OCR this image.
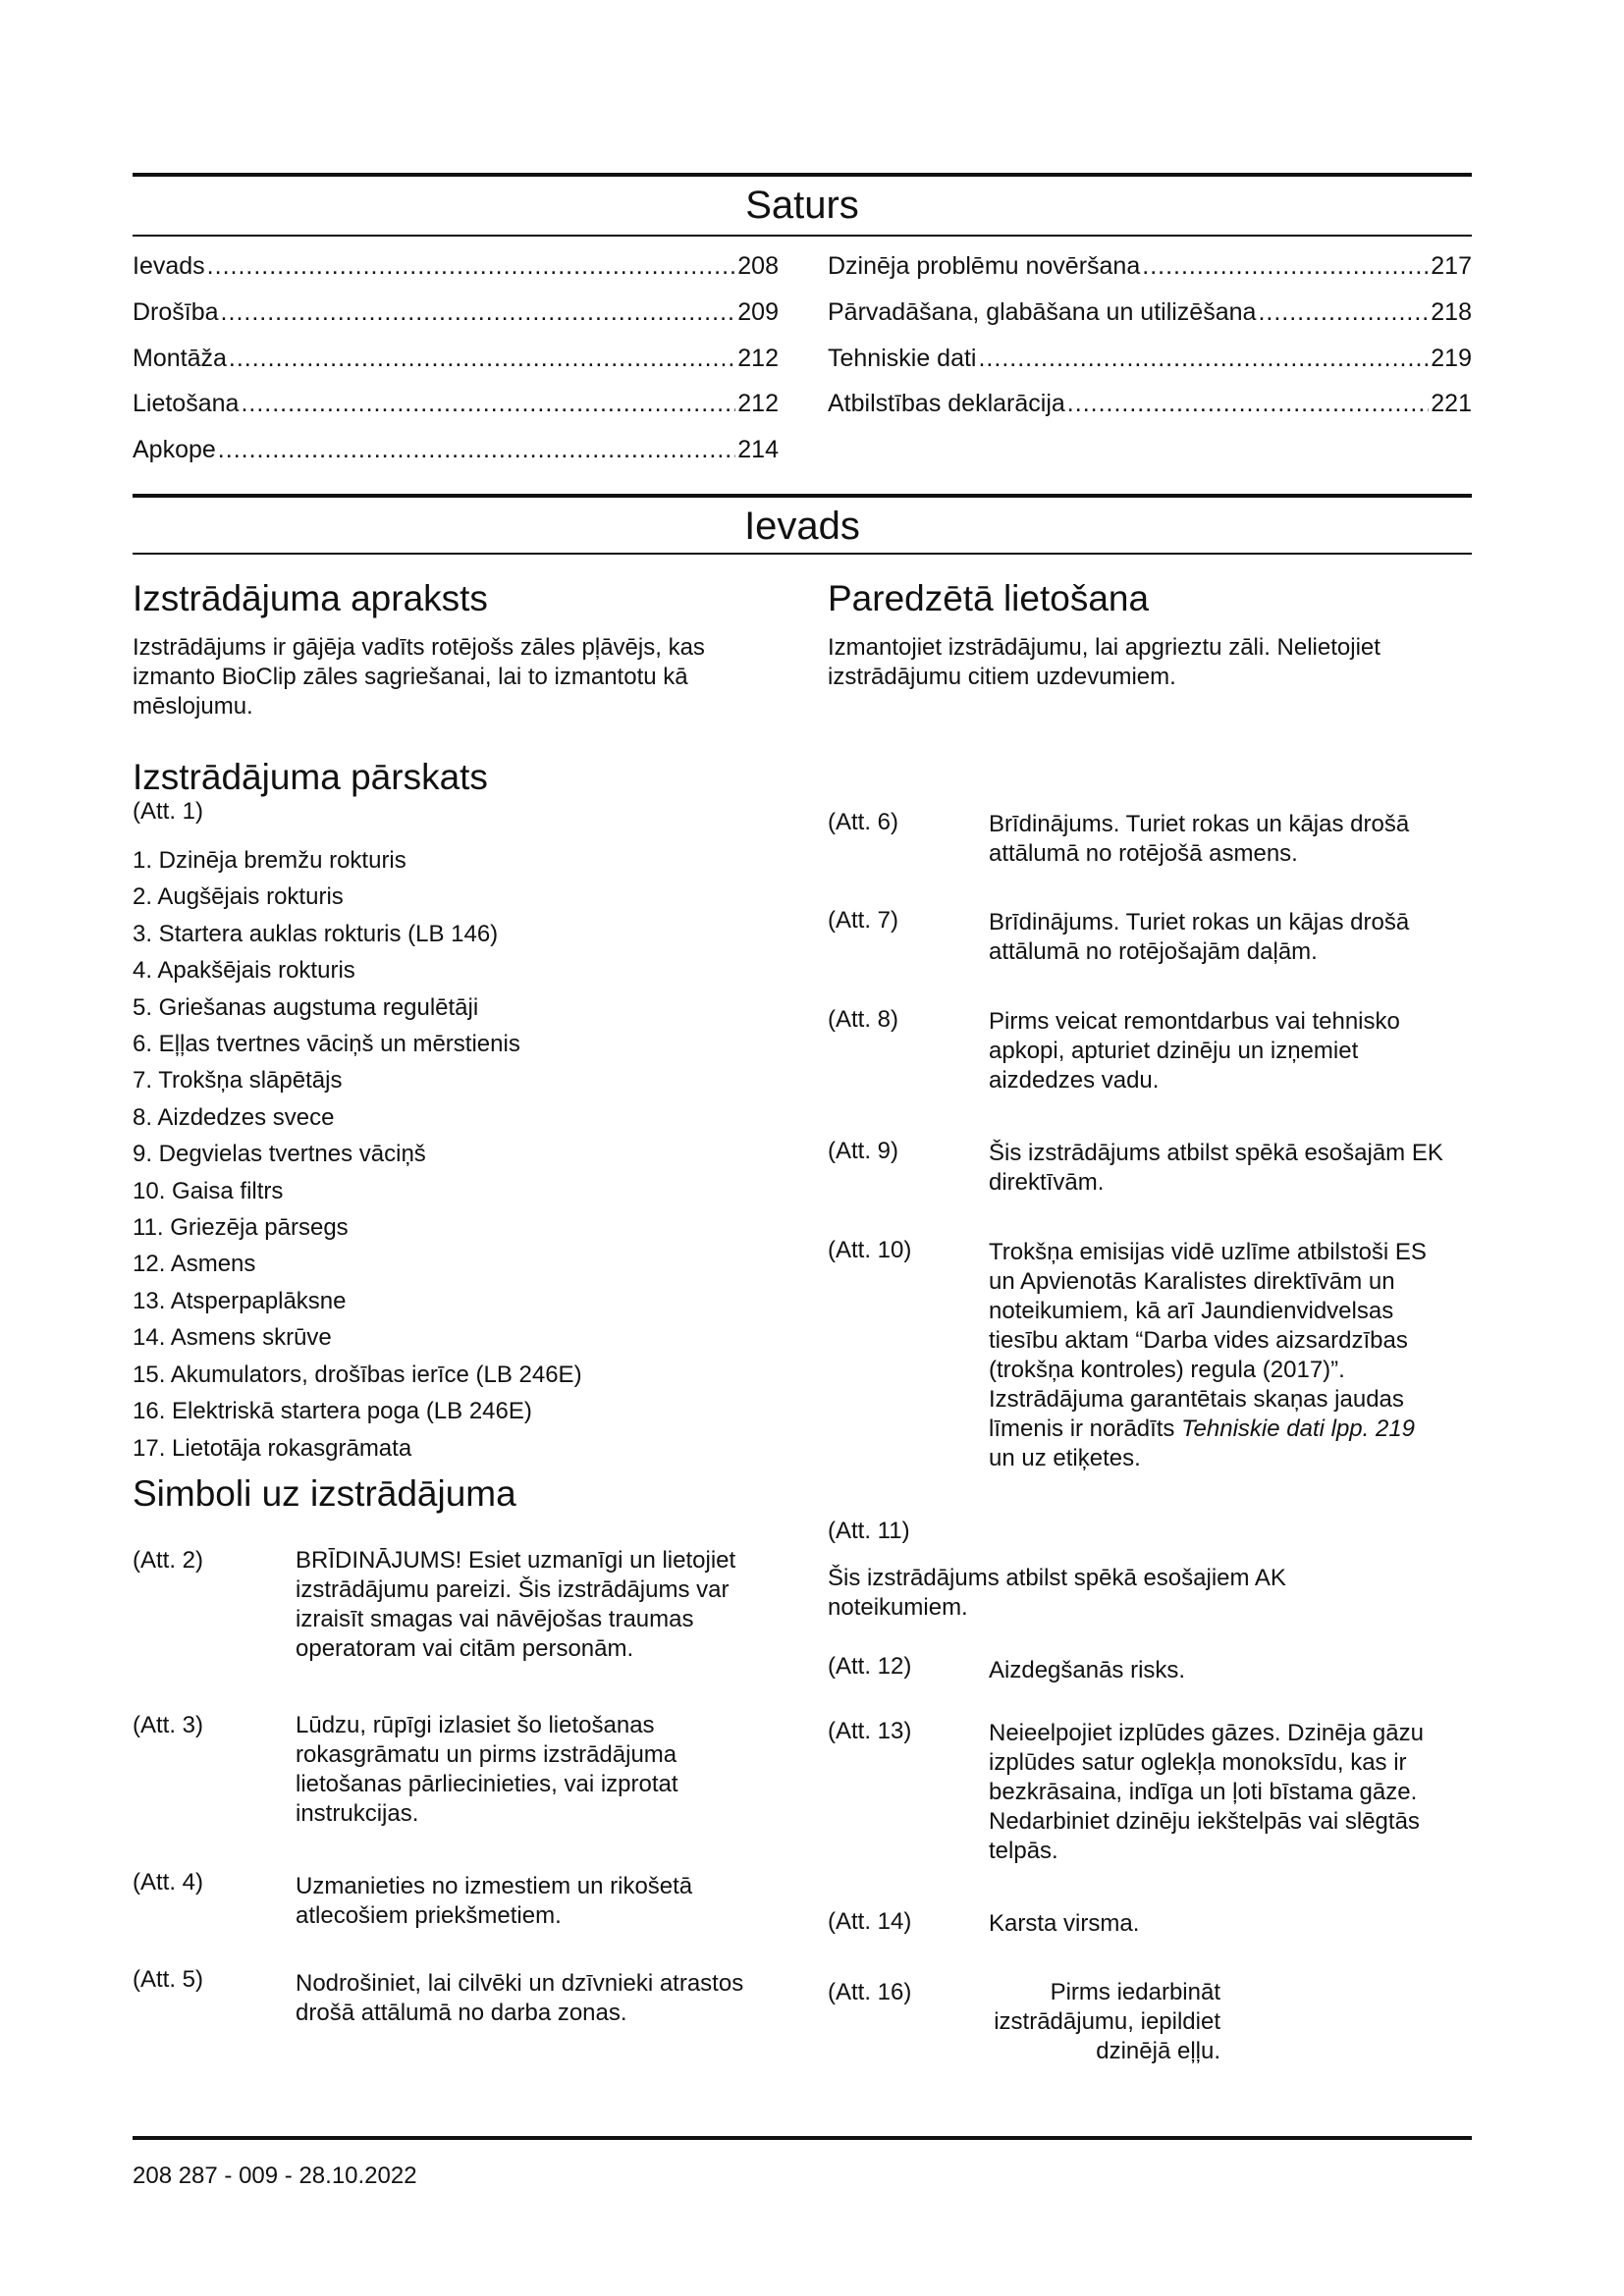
Saturs
Ievads .....	208
Drošība .....	209
Montāža .....	212
Lietošana .....	212
Apkope .....	214
Dzinēja problēmu novēršana .....	217
Pārvadāšana, glabāšana un utilizēšana .....	218
Tehniskie dati .....	219
Atbilstības deklarācija .....	221
Ievads
Izstrādājuma apraksts

Izstrādājums ir gājēja vadīts rotējošs zāles pļāvējs, kas izmanto BioClip zāles sagriešanai, lai to izmantotu kā mēslojumu.

Izstrādājuma pārskats
(Att. 1)
1. Dzinēja bremžu rokturis
2. Augšējais rokturis
3. Startera auklas rokturis (LB 146)
4. Apakšējais rokturis
5. Griešanas augstuma regulētāji
6. Eļļas tvertnes vāciņš un mērstienis
7. Trokšņa slāpētājs
8. Aizdedzes svece
9. Degvielas tvertnes vāciņš
10. Gaisa filtrs
11. Griezēja pārsegs
12. Asmens
13. Atsperpaplāksne
14. Asmens skrūve
15. Akumulators, drošības ierīce (LB 246E)
16. Elektriskā startera poga (LB 246E)
17. Lietotāja rokasgrāmata
Simboli uz izstrādājuma
(Att. 2)	BRĪDINĀJUMS! Esiet uzmanīgi un lietojiet izstrādājumu pareizi. Šis izstrādājums var izraisīt smagas vai nāvējošas traumas operatoram vai citām personām.
(Att. 3)	Lūdzu, rūpīgi izlasiet šo lietošanas rokasgrāmatu un pirms izstrādājuma lietošanas pārliecinieties, vai izprotat instrukcijas.
(Att. 4)	Uzmanieties no izmestiem un rikošetā atlecošiem priekšmetiem.
(Att. 5)	Nodrošiniet, lai cilvēki un dzīvnieki atrastos drošā attālumā no darba zonas.
Paredzētā lietošana

Izmantojiet izstrādājumu, lai apgrieztu zāli. Nelietojiet izstrādājumu citiem uzdevumiem.

(Att. 6)	Brīdinājums. Turiet rokas un kājas drošā attālumā no rotējošā asmens.
(Att. 7)	Brīdinājums. Turiet rokas un kājas drošā attālumā no rotējošajām daļām.
(Att. 8)	Pirms veicat remontdarbus vai tehnisko apkopi, apturiet dzinēju un izņemiet aizdedzes vadu.
(Att. 9)	Šis izstrādājums atbilst spēkā esošajām EK direktīvām.
(Att. 10)	Trokšņa emisijas vidē uzlīme atbilstoši ES un Apvienotās Karalistes direktīvām un noteikumiem, kā arī Jaundienvidvelsas tiesību aktam “Darba vides aizsardzības (trokšņa kontroles) regula (2017)”. Izstrādājuma garantētais skaņas jaudas līmenis ir norādīts Tehniskie dati lpp. 219 un uz etiķetes.
(Att. 11)
Šis izstrādājums atbilst spēkā esošajiem AK noteikumiem.
(Att. 12)	Aizdegšanās risks.
(Att. 13)	Neieelpojiet izplūdes gāzes. Dzinēja gāzu izplūdes satur oglekļa monoksīdu, kas ir bezkrāsaina, indīga un ļoti bīstama gāze. Nedarbiniet dzinēju iekštelpās vai slēgtās telpās.
(Att. 14)	Karsta virsma.
(Att. 16)	Pirms iedarbināt izstrādājumu, iepildiet dzinējā eļļu.
208 287 - 009 - 28.10.2022
